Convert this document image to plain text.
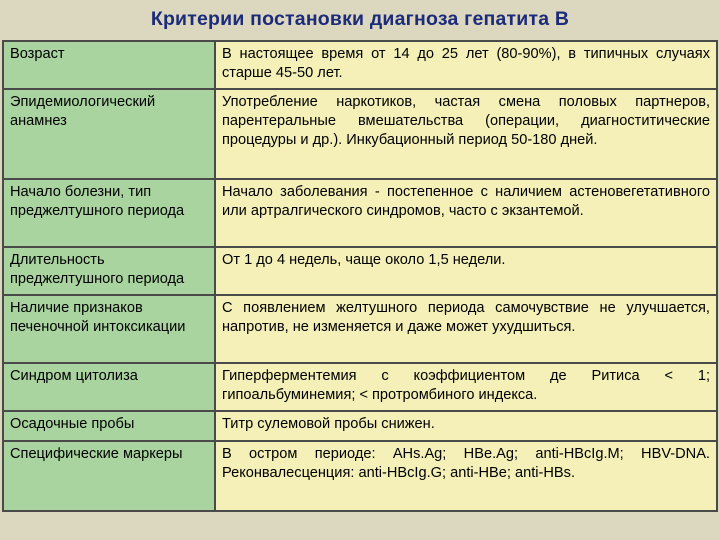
Критерии постановки диагноза гепатита В
Возраст	В настоящее время от 14 до 25 лет (80-90%), в типичных случаях старше 45-50 лет.
Эпидемиологический анамнез	Употребление наркотиков, частая смена половых партнеров, парентеральные вмешательства (операции, диагноститические процедуры и др.). Инкубационный период 50-180 дней.
Начало болезни, тип преджелтушного периода	Начало заболевания - постепенное с наличием астеновегетативного или артралгического синдромов, часто с экзантемой.
Длительность преджелтушного периода	От 1 до 4 недель, чаще около 1,5 недели.
Наличие признаков печеночной интоксикации	С появлением желтушного периода самочувствие не улучшается, напротив, не изменяется и даже может ухудшиться.
Синдром цитолиза	Гиперферментемия с коэффициентом де Ритиса < 1; гипоальбуминемия; < протромбиного индекса.
Осадочные пробы	Титр сулемовой пробы снижен.
Специфические маркеры	В остром периоде: AHs.Ag; HBe.Ag; anti-HBcIg.M; HBV-DNA. Реконвалесценция: anti-HBcIg.G; anti-HBe; anti-HBs.
